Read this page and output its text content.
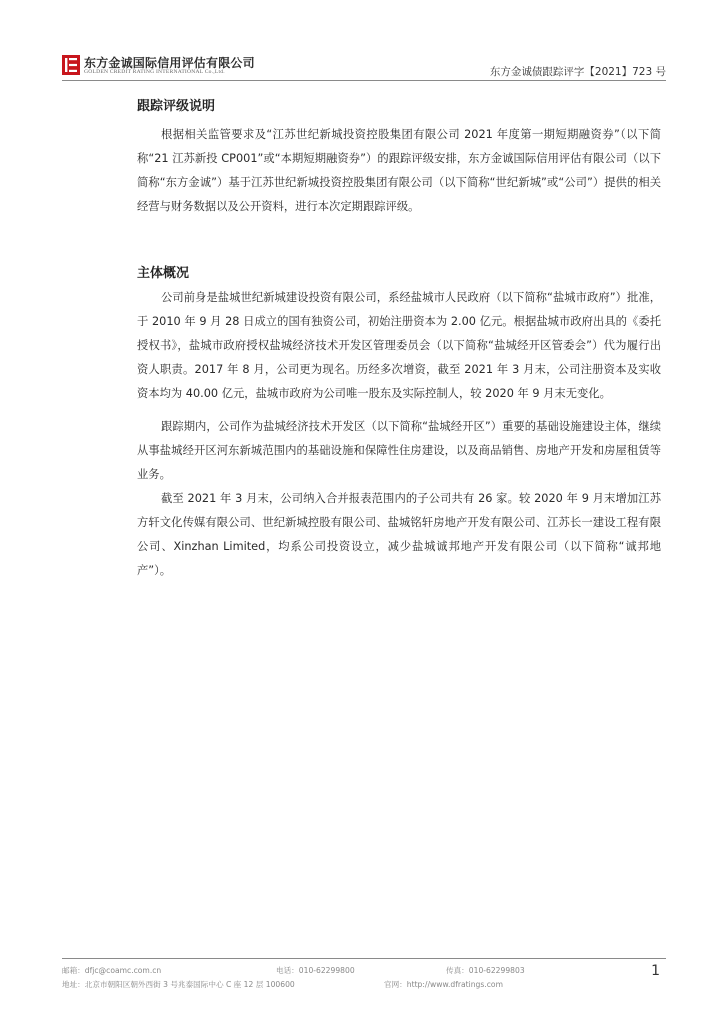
东方金诚国际信用评估有限公司
GOLDEN CREDIT RATING INTERNATIONAL Co.,Ltd.	东方金诚债跟踪评字【2021】723 号
跟踪评级说明

根据相关监管要求及“江苏世纪新城投资控股集团有限公司 2021 年度第一期短期融资券”（以下简称“21 江苏新投 CP001”或“本期短期融资券”）的跟踪评级安排，东方金诚国际信用评估有限公司（以下简称“东方金诚”）基于江苏世纪新城投资控股集团有限公司（以下简称“世纪新城”或“公司”）提供的相关经营与财务数据以及公开资料，进行本次定期跟踪评级。

主体概况

公司前身是盐城世纪新城建设投资有限公司，系经盐城市人民政府（以下简称“盐城市政府”）批准，于 2010 年 9 月 28 日成立的国有独资公司，初始注册资本为 2.00 亿元。根据盐城市政府出具的《委托授权书》，盐城市政府授权盐城经济技术开发区管理委员会（以下简称“盐城经开区管委会”）代为履行出资人职责。2017 年 8 月，公司更为现名。历经多次增资，截至 2021 年 3 月末，公司注册资本及实收资本均为 40.00 亿元，盐城市政府为公司唯一股东及实际控制人，较 2020 年 9 月末无变化。

跟踪期内，公司作为盐城经济技术开发区（以下简称“盐城经开区”）重要的基础设施建设主体，继续从事盐城经开区河东新城范围内的基础设施和保障性住房建设，以及商品销售、房地产开发和房屋租赁等业务。

截至 2021 年 3 月末，公司纳入合并报表范围内的子公司共有 26 家。较 2020 年 9 月末增加江苏方轩文化传媒有限公司、世纪新城控股有限公司、盐城铭轩房地产开发有限公司、江苏长一建设工程有限公司、Xinzhan Limited，均系公司投资设立，减少盐城诚邦地产开发有限公司（以下简称“诚邦地产”）。

邮箱：dfjc@coamc.com.cn	电话：010-62299800	传真：010-62299803
地址：北京市朝阳区朝外西街 3 号兆泰国际中心 C 座 12 层 100600	官网：http://www.dfratings.com
1
